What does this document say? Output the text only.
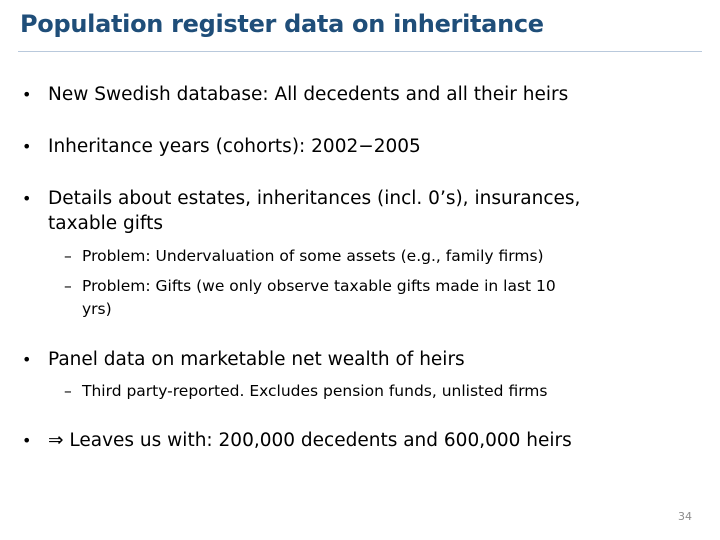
Population register data on inheritance
• New Swedish database: All decedents and all their heirs
• Inheritance years (cohorts): 2002−2005
• Details about estates, inheritances (incl. 0’s), insurances,
taxable gifts
– Problem: Undervaluation of some assets (e.g., family firms)
– Problem: Gifts (we only observe taxable gifts made in last 10
yrs)
• Panel data on marketable net wealth of heirs
– Third party-reported. Excludes pension funds, unlisted firms
• ⇒ Leaves us with: 200,000 decedents and 600,000 heirs
34
